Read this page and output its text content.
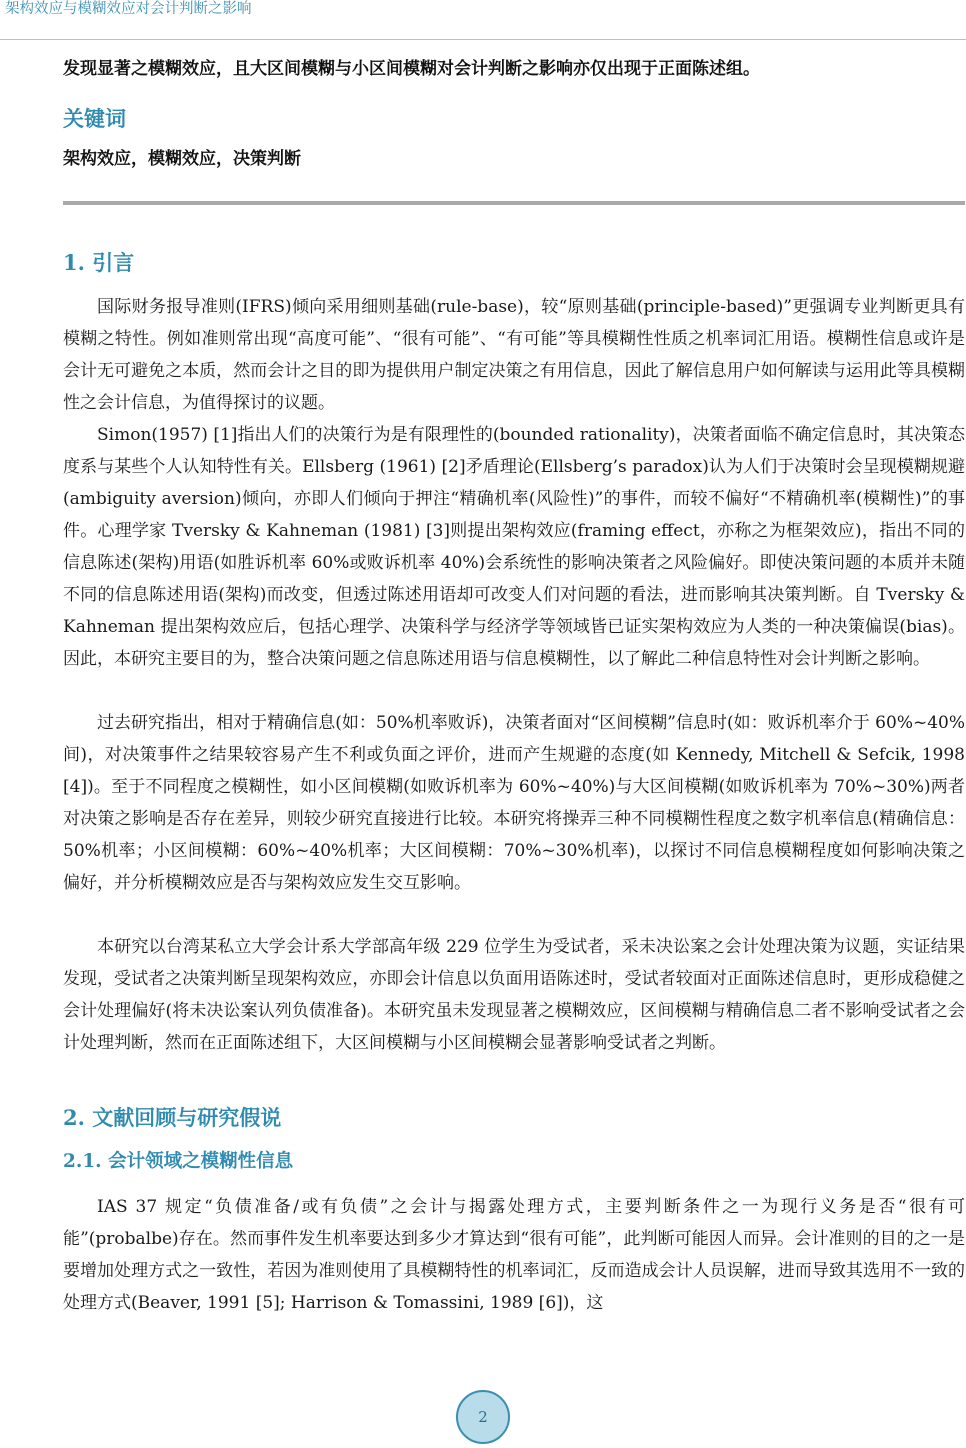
架构效应与模糊效应对会计判断之影响
发现显著之模糊效应，且大区间模糊与小区间模糊对会计判断之影响亦仅出现于正面陈述组。
关键词
架构效应，模糊效应，决策判断
1. 引言

国际财务报导准则(IFRS)倾向采用细则基础(rule-base)，较“原则基础(principle-based)”更强调专业判断更具有模糊之特性。例如准则常出现“高度可能”、“很有可能”、“有可能”等具模糊性性质之机率词汇用语。模糊性信息或许是会计无可避免之本质，然而会计之目的即为提供用户制定决策之有用信息，因此了解信息用户如何解读与运用此等具模糊性之会计信息，为值得探讨的议题。

Simon(1957) [1]指出人们的决策行为是有限理性的(bounded rationality)，决策者面临不确定信息时，其决策态度系与某些个人认知特性有关。Ellsberg (1961) [2]矛盾理论(Ellsberg’s paradox)认为人们于决策时会呈现模糊规避(ambiguity aversion)倾向，亦即人们倾向于押注“精确机率(风险性)”的事件，而较不偏好“不精确机率(模糊性)”的事件。心理学家 Tversky & Kahneman (1981) [3]则提出架构效应(framing effect，亦称之为框架效应)，指出不同的信息陈述(架构)用语(如胜诉机率 60%或败诉机率 40%)会系统性的影响决策者之风险偏好。即使决策问题的本质并未随不同的信息陈述用语(架构)而改变，但透过陈述用语却可改变人们对问题的看法，进而影响其决策判断。自 Tversky & Kahneman 提出架构效应后，包括心理学、决策科学与经济学等领域皆已证实架构效应为人类的一种决策偏误(bias)。因此，本研究主要目的为，整合决策问题之信息陈述用语与信息模糊性，以了解此二种信息特性对会计判断之影响。

过去研究指出，相对于精确信息(如：50%机率败诉)，决策者面对“区间模糊”信息时(如：败诉机率介于 60%~40%间)，对决策事件之结果较容易产生不利或负面之评价，进而产生规避的态度(如 Kennedy, Mitchell & Sefcik, 1998 [4])。至于不同程度之模糊性，如小区间模糊(如败诉机率为 60%~40%)与大区间模糊(如败诉机率为 70%~30%)两者对决策之影响是否存在差异，则较少研究直接进行比较。本研究将操弄三种不同模糊性程度之数字机率信息(精确信息：50%机率；小区间模糊：60%~40%机率；大区间模糊：70%~30%机率)，以探讨不同信息模糊程度如何影响决策之偏好，并分析模糊效应是否与架构效应发生交互影响。

本研究以台湾某私立大学会计系大学部高年级 229 位学生为受试者，采未决讼案之会计处理决策为议题，实证结果发现，受试者之决策判断呈现架构效应，亦即会计信息以负面用语陈述时，受试者较面对正面陈述信息时，更形成稳健之会计处理偏好(将未决讼案认列负债准备)。本研究虽未发现显著之模糊效应，区间模糊与精确信息二者不影响受试者之会计处理判断，然而在正面陈述组下，大区间模糊与小区间模糊会显著影响受试者之判断。

2. 文献回顾与研究假说
2.1. 会计领域之模糊性信息

IAS 37 规定“负债准备/或有负债”之会计与揭露处理方式，主要判断条件之一为现行义务是否“很有可能”(probalbe)存在。然而事件发生机率要达到多少才算达到“很有可能”，此判断可能因人而异。会计准则的目的之一是要增加处理方式之一致性，若因为准则使用了具模糊特性的机率词汇，反而造成会计人员误解，进而导致其选用不一致的处理方式(Beaver, 1991 [5]; Harrison & Tomassini, 1989 [6])，这

2
